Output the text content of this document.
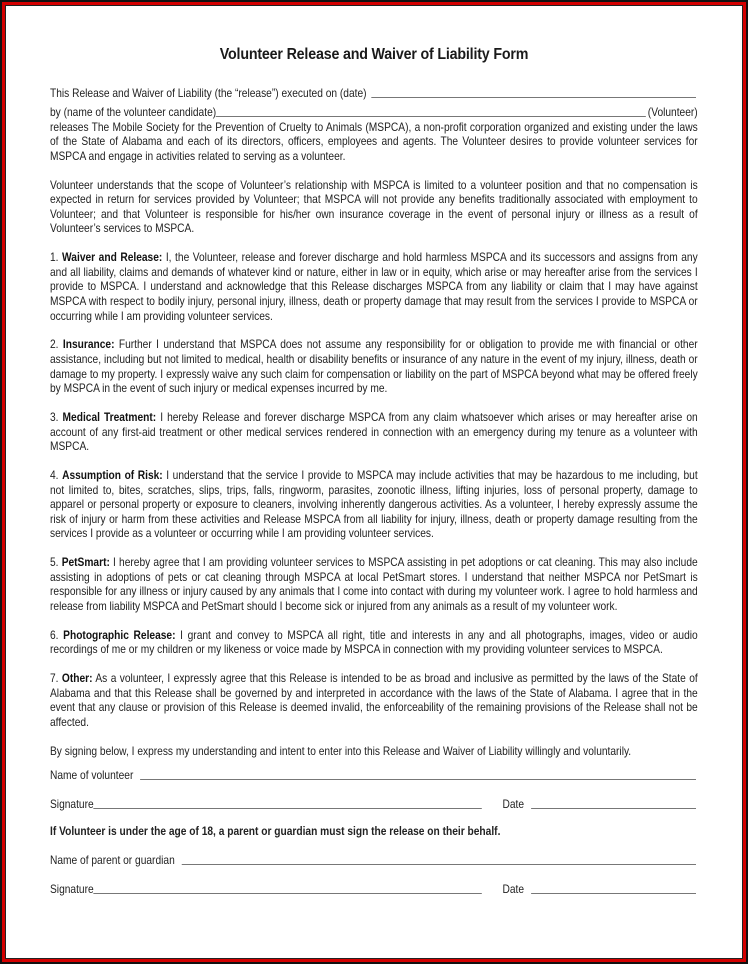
Volunteer Release and Waiver of Liability Form
This Release and Waiver of Liability (the “release”) executed on (date)
by (name of the volunteer candidate)	(Volunteer)

releases The Mobile Society for the Prevention of Cruelty to Animals (MSPCA), a non-profit corporation organized and existing under the laws of the State of Alabama and each of its directors, officers, employees and agents. The Volunteer desires to provide volunteer services for MSPCA and engage in activities related to serving as a volunteer.

Volunteer understands that the scope of Volunteer’s relationship with MSPCA is limited to a volunteer position and that no compensation is expected in return for services provided by Volunteer; that MSPCA will not provide any benefits traditionally associated with employment to Volunteer; and that Volunteer is responsible for his/her own insurance coverage in the event of personal injury or illness as a result of Volunteer’s services to MSPCA.

1. Waiver and Release: I, the Volunteer, release and forever discharge and hold harmless MSPCA and its successors and assigns from any and all liability, claims and demands of whatever kind or nature, either in law or in equity, which arise or may hereafter arise from the services I provide to MSPCA. I understand and acknowledge that this Release discharges MSPCA from any liability or claim that I may have against MSPCA with respect to bodily injury, personal injury, illness, death or property damage that may result from the services I provide to MSPCA or occurring while I am providing volunteer services.

2. Insurance: Further I understand that MSPCA does not assume any responsibility for or obligation to provide me with financial or other assistance, including but not limited to medical, health or disability benefits or insurance of any nature in the event of my injury, illness, death or damage to my property. I expressly waive any such claim for compensation or liability on the part of MSPCA beyond what may be offered freely by MSPCA in the event of such injury or medical expenses incurred by me.

3. Medical Treatment: I hereby Release and forever discharge MSPCA from any claim whatsoever which arises or may hereafter arise on account of any first-aid treatment or other medical services rendered in connection with an emergency during my tenure as a volunteer with MSPCA.

4. Assumption of Risk: I understand that the service I provide to MSPCA may include activities that may be hazardous to me including, but not limited to, bites, scratches, slips, trips, falls, ringworm, parasites, zoonotic illness, lifting injuries, loss of personal property, damage to apparel or personal property or exposure to cleaners, involving inherently dangerous activities. As a volunteer, I hereby expressly assume the risk of injury or harm from these activities and Release MSPCA from all liability for injury, illness, death or property damage resulting from the services I provide as a volunteer or occurring while I am providing volunteer services.

5. PetSmart: I hereby agree that I am providing volunteer services to MSPCA assisting in pet adoptions or cat cleaning. This may also include assisting in adoptions of pets or cat cleaning through MSPCA at local PetSmart stores. I understand that neither MSPCA nor PetSmart is responsible for any illness or injury caused by any animals that I come into contact with during my volunteer work. I agree to hold harmless and release from liability MSPCA and PetSmart should I become sick or injured from any animals as a result of my volunteer work.

6. Photographic Release: I grant and convey to MSPCA all right, title and interests in any and all photographs, images, video or audio recordings of me or my children or my likeness or voice made by MSPCA in connection with my providing volunteer services to MSPCA.

7. Other: As a volunteer, I expressly agree that this Release is intended to be as broad and inclusive as permitted by the laws of the State of Alabama and that this Release shall be governed by and interpreted in accordance with the laws of the State of Alabama. I agree that in the event that any clause or provision of this Release is deemed invalid, the enforceability of the remaining provisions of the Release shall not be affected.

By signing below, I express my understanding and intent to enter into this Release and Waiver of Liability willingly and voluntarily.

Name of volunteer
Signature	Date
If Volunteer is under the age of 18, a parent or guardian must sign the release on their behalf.
Name of parent or guardian
Signature	Date
